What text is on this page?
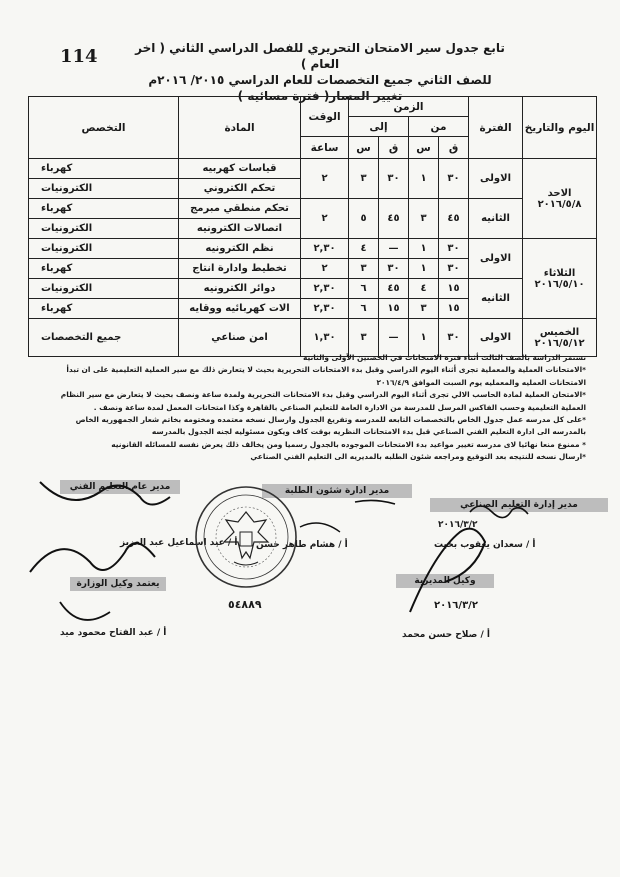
114	تابع جدول سير الامتحان التحريري للفصل الدراسي الثاني ( اخر العام )
للصف الثاني جميع التخصصات للعام الدراسي ٢٠١٥/ ٢٠١٦م
تغيير المسار( فترة مسائيه )
اليوم والتاريخ	الفترة	الزمن				الوقت	المادة	التخصص
		من		إلى				
		ق	س	ق	س	ساعة		

الاحد
٢٠١٦/٥/٨	الاولى	٣٠	١	٣٠	٣	٢	قياسات كهربيه	كهرباء

							تحكم الكتروني	الكترونيات

	الثانيه	٤٥	٣	٤٥	٥	٢	تحكم منطقي مبرمج	كهرباء

							اتصالات الكترونيه	الكترونيات

الثلاثاء
٢٠١٦/٥/١٠	الاولى	٣٠	١	—	٤	٢,٣٠	نظم الكترونيه	الكترونيات

		٣٠	١	٣٠	٣	٢	تخطيط وادارة انتاج	كهرباء

	الثانيه	١٥	٤	٤٥	٦	٢,٣٠	دوائر الكترونيه	الكترونيات

		١٥	٣	١٥	٦	٢,٣٠	الات كهربائيه ووقايه	كهرباء

الخميس
٢٠١٦/٥/١٢	الاولى	٣٠	١	—	٣	١,٣٠	امن صناعي	جميع التخصصات

تستمر الدراسة بالصف الثالث أثناء فترة الامتحانات في الحصتين الأولى والثانية

*الامتحانات العملية والمعملية تجرى أثناء اليوم الدراسي وقبل بدء الامتحانات التحريرية بحيث لا يتعارض ذلك مع سير العملية التعليمية على ان تبدأ

الامتحانات العمليه والمعمليه يوم السبت الموافق ٢٠١٦/٤/٩

*الامتحان العملية لمادة الحاسب الالي تجرى أثناء اليوم الدراسي وقبل بدء الامتحانات التحريرية ولمدة ساعة ونصف بحيث لا يتعارض مع سير النظام

العملية التعليمية وحسب الفاكس المرسل للمدرسة من الادارة العامة للتعليم الصناعي بالقاهرة وكذا امتحانات المعمل لمدة ساعة ونصف .

*على كل مدرسه عمل جدول الخاص بالتخصصات التابعه للمدرسه وتفريغ الجدول وارسال نسخه معتمده ومختومه بخاتم شعار الجمهوريه الخاص

بالمدرسه الى ادارة التعليم الفني الصناعي قبل بدء الامتحانات النظريه بوقت كاف ويكون مسئوليه لجنه الجدول بالمدرسه

* ممنوع منعا نهائيا لاى مدرسه تغيير مواعيد بدء الامتحانات الموجوده بالجدول رسميا ومن يخالف ذلك يعرض نفسه للمسائله القانونيه

*ارسال نسخه للنتيجه بعد التوقيع ومراجعه شئون الطلبه بالمديريه الى التعليم الفني الصناعي

مدير إدارة التعليم الصناعي
مدير ادارة شئون الطلبة
مدير عام التعليم الفني
يعتمد وكيل الوزارة	وكيل المديرية
أ / سعدان يعقوب بخيت
أ / هشام طاهر حسن
أ / عبد اسماعيل عبد العزيز
أ / عبد الفتاح محمود ميد	أ / صلاح حسن محمد
٢٠١٦/٣/٢
٢٠١٦/٣/٢
٥٤٨٨٩
